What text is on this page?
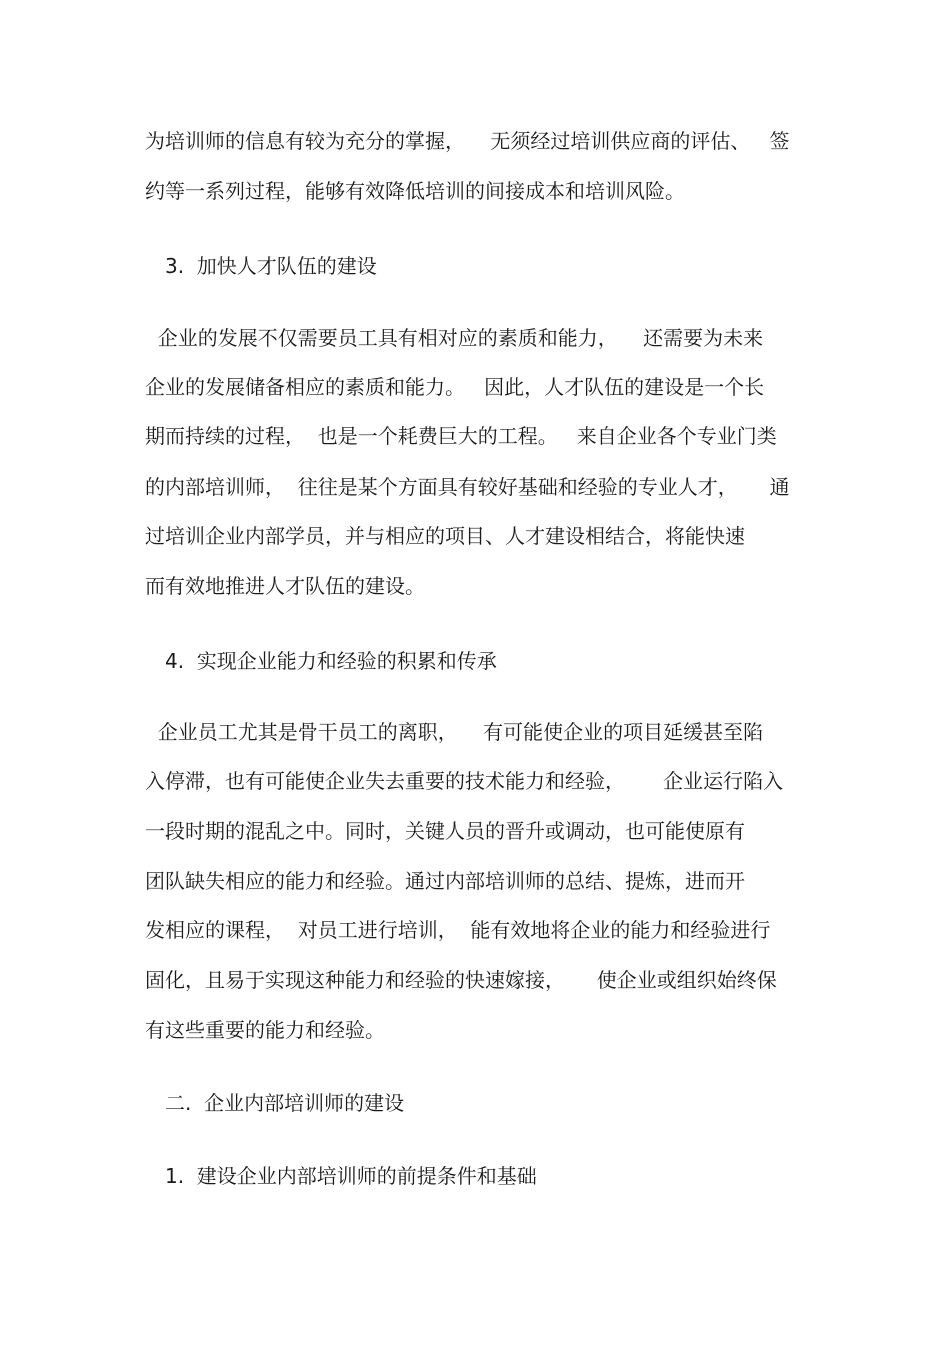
为培训师的信息有较为充分的掌握，    无须经过培训供应商的评估、   签

约等一系列过程，能够有效降低培训的间接成本和培训风险。

3.  加快人才队伍的建设

企业的发展不仅需要员工具有相对应的素质和能力，    还需要为未来

企业的发展储备相应的素质和能力。   因此，人才队伍的建设是一个长

期而持续的过程，  也是一个耗费巨大的工程。   来自企业各个专业门类

的内部培训师，  往往是某个方面具有较好基础和经验的专业人才，     通

过培训企业内部学员，并与相应的项目、人才建设相结合，将能快速

而有效地推进人才队伍的建设。

4.  实现企业能力和经验的积累和传承

企业员工尤其是骨干员工的离职，    有可能使企业的项目延缓甚至陷

入停滞，也有可能使企业失去重要的技术能力和经验，      企业运行陷入

一段时期的混乱之中。同时，关键人员的晋升或调动，也可能使原有

团队缺失相应的能力和经验。通过内部培训师的总结、提炼，进而开

发相应的课程，  对员工进行培训，  能有效地将企业的能力和经验进行

固化，且易于实现这种能力和经验的快速嫁接，     使企业或组织始终保

有这些重要的能力和经验。

二.  企业内部培训师的建设

1.  建设企业内部培训师的前提条件和基础
